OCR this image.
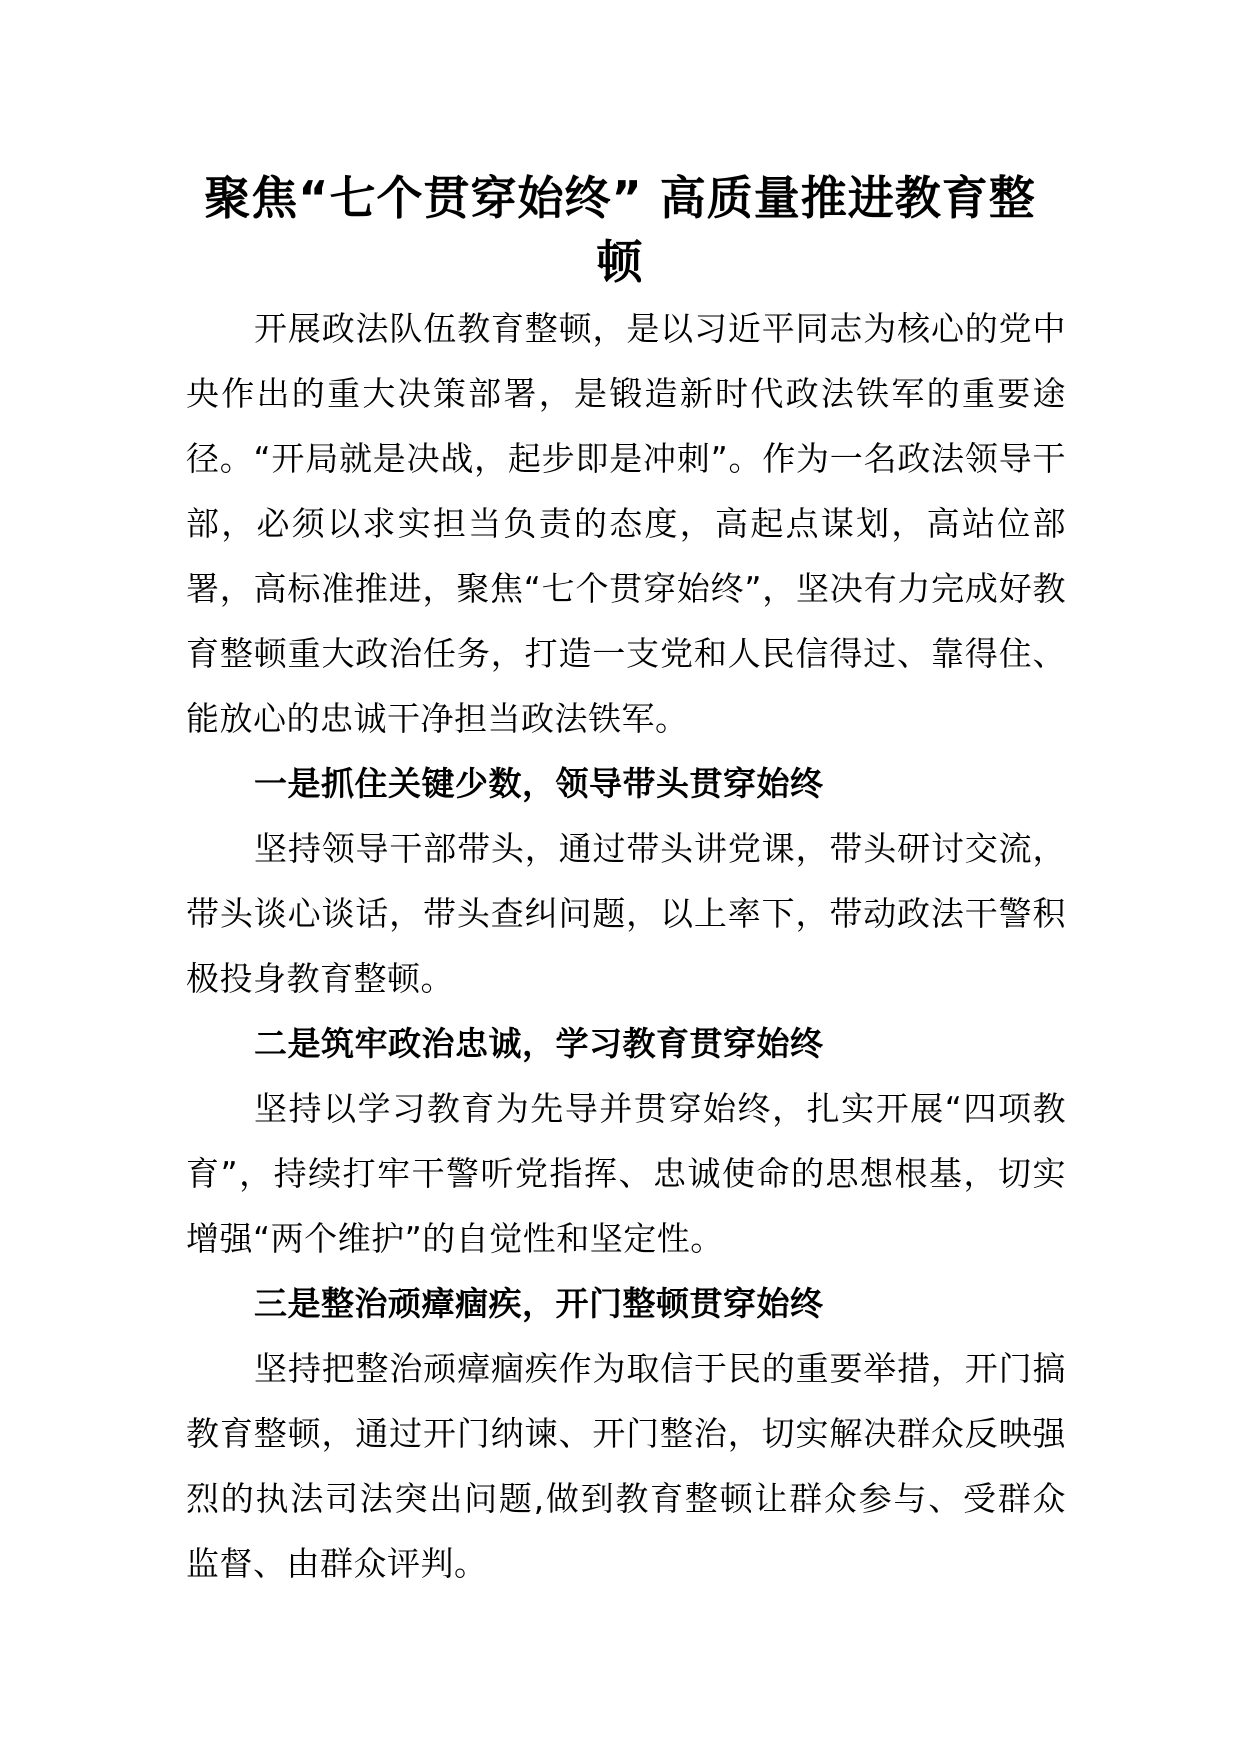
聚焦“七个贯穿始终” 高质量推进教育整顿

开展政法队伍教育整顿，是以习近平同志为核心的党中央作出的重大决策部署，是锻造新时代政法铁军的重要途径。“开局就是决战，起步即是冲刺”。作为一名政法领导干部，必须以求实担当负责的态度，高起点谋划，高站位部署，高标准推进，聚焦“七个贯穿始终”，坚决有力完成好教育整顿重大政治任务，打造一支党和人民信得过、靠得住、能放心的忠诚干净担当政法铁军。

一是抓住关键少数，领导带头贯穿始终

坚持领导干部带头，通过带头讲党课，带头研讨交流，带头谈心谈话，带头查纠问题，以上率下，带动政法干警积极投身教育整顿。

二是筑牢政治忠诚，学习教育贯穿始终

坚持以学习教育为先导并贯穿始终，扎实开展“四项教育”，持续打牢干警听党指挥、忠诚使命的思想根基，切实增强“两个维护”的自觉性和坚定性。

三是整治顽瘴痼疾，开门整顿贯穿始终

坚持把整治顽瘴痼疾作为取信于民的重要举措，开门搞教育整顿，通过开门纳谏、开门整治，切实解决群众反映强烈的执法司法突出问题,做到教育整顿让群众参与、受群众监督、由群众评判。
